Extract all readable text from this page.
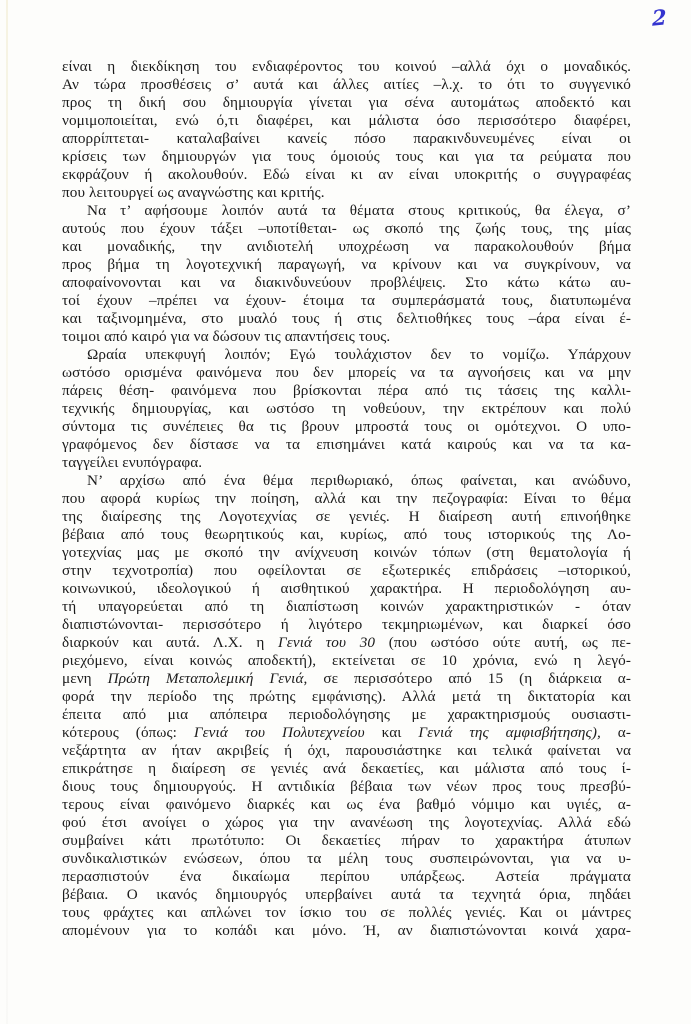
2
είναι η διεκδίκηση του ενδιαφέροντος του κοινού –αλλά όχι ο μοναδικός.
Αν τώρα προσθέσεις σ’ αυτά και άλλες αιτίες –λ.χ. το ότι το συγγενικό
προς τη δική σου δημιουργία γίνεται για σένα αυτομάτως αποδεκτό και
νομιμοποιείται, ενώ ό,τι διαφέρει, και μάλιστα όσο περισσότερο διαφέρει,
απορρίπτεται- καταλαβαίνει κανείς πόσο παρακινδυνευμένες είναι οι
κρίσεις των δημιουργών για τους όμοιούς τους και για τα ρεύματα που
εκφράζουν ή ακολουθούν. Εδώ είναι κι αν είναι υποκριτής ο συγγραφέας
που λειτουργεί ως αναγνώστης και κριτής.
Να τ’ αφήσουμε λοιπόν αυτά τα θέματα στους κριτικούς, θα έλεγα, σ’
αυτούς που έχουν τάξει –υποτίθεται- ως σκοπό της ζωής τους, της μίας
και μοναδικής, την ανιδιοτελή υποχρέωση να παρακολουθούν βήμα
προς βήμα τη λογοτεχνική παραγωγή, να κρίνουν και να συγκρίνουν, να
αποφαίνονονται και να διακινδυνεύουν προβλέψεις. Στο κάτω κάτω αυ-
τοί έχουν –πρέπει να έχουν- έτοιμα τα συμπεράσματά τους, διατυπωμένα
και ταξινομημένα, στο μυαλό τους ή στις δελτιοθήκες τους –άρα είναι έ-
τοιμοι από καιρό για να δώσουν τις απαντήσεις τους.
Ωραία υπεκφυγή λοιπόν; Εγώ τουλάχιστον δεν το νομίζω. Υπάρχουν
ωστόσο ορισμένα φαινόμενα που δεν μπορείς να τα αγνοήσεις και να μην
πάρεις θέση- φαινόμενα που βρίσκονται πέρα από τις τάσεις της καλλι-
τεχνικής δημιουργίας, και ωστόσο τη νοθεύουν, την εκτρέπουν και πολύ
σύντομα τις συνέπειες θα τις βρουν μπροστά τους οι ομότεχνοι. Ο υπο-
γραφόμενος δεν δίστασε να τα επισημάνει κατά καιρούς και να τα κα-
ταγγείλει ενυπόγραφα.
Ν’ αρχίσω από ένα θέμα περιθωριακό, όπως φαίνεται, και ανώδυνο,
που αφορά κυρίως την ποίηση, αλλά και την πεζογραφία: Είναι το θέμα
της διαίρεσης της Λογοτεχνίας σε γενιές. Η διαίρεση αυτή επινοήθηκε
βέβαια από τους θεωρητικούς και, κυρίως, από τους ιστορικούς της Λο-
γοτεχνίας μας με σκοπό την ανίχνευση κοινών τόπων (στη θεματολογία ή
στην τεχνοτροπία) που οφείλονται σε εξωτερικές επιδράσεις –ιστορικού,
κοινωνικού, ιδεολογικού ή αισθητικού χαρακτήρα. Η περιοδολόγηση αυ-
τή υπαγορεύεται από τη διαπίστωση κοινών χαρακτηριστικών - όταν
διαπιστώνονται- περισσότερο ή λιγότερο τεκμηριωμένων, και διαρκεί όσο
διαρκούν και αυτά. Λ.Χ. η Γενιά του 30 (που ωστόσο ούτε αυτή, ως πε-
ριεχόμενο, είναι κοινώς αποδεκτή), εκτείνεται σε 10 χρόνια, ενώ η λεγό-
μενη Πρώτη Μεταπολεμική Γενιά, σε περισσότερο από 15 (η διάρκεια α-
φορά την περίοδο της πρώτης εμφάνισης). Αλλά μετά τη δικτατορία και
έπειτα από μια απόπειρα περιοδολόγησης με χαρακτηρισμούς ουσιαστι-
κότερους (όπως: Γενιά του Πολυτεχνείου και Γενιά της αμφισβήτησης), α-
νεξάρτητα αν ήταν ακριβείς ή όχι, παρουσιάστηκε και τελικά φαίνεται να
επικράτησε η διαίρεση σε γενιές ανά δεκαετίες, και μάλιστα από τους ί-
διους τους δημιουργούς. Η αντιδικία βέβαια των νέων προς τους πρεσβύ-
τερους είναι φαινόμενο διαρκές και ως ένα βαθμό νόμιμο και υγιές, α-
φού έτσι ανοίγει ο χώρος για την ανανέωση της λογοτεχνίας. Αλλά εδώ
συμβαίνει κάτι πρωτότυπο: Οι δεκαετίες πήραν το χαρακτήρα άτυπων
συνδικαλιστικών ενώσεων, όπου τα μέλη τους συσπειρώνονται, για να υ-
περασπιστούν ένα δικαίωμα περίπου υπάρξεως. Αστεία πράγματα
βέβαια. Ο ικανός δημιουργός υπερβαίνει αυτά τα τεχνητά όρια, πηδάει
τους φράχτες και απλώνει τον ίσκιο του σε πολλές γενιές. Και οι μάντρες
απομένουν για το κοπάδι και μόνο. Ή, αν διαπιστώνονται κοινά χαρα-
